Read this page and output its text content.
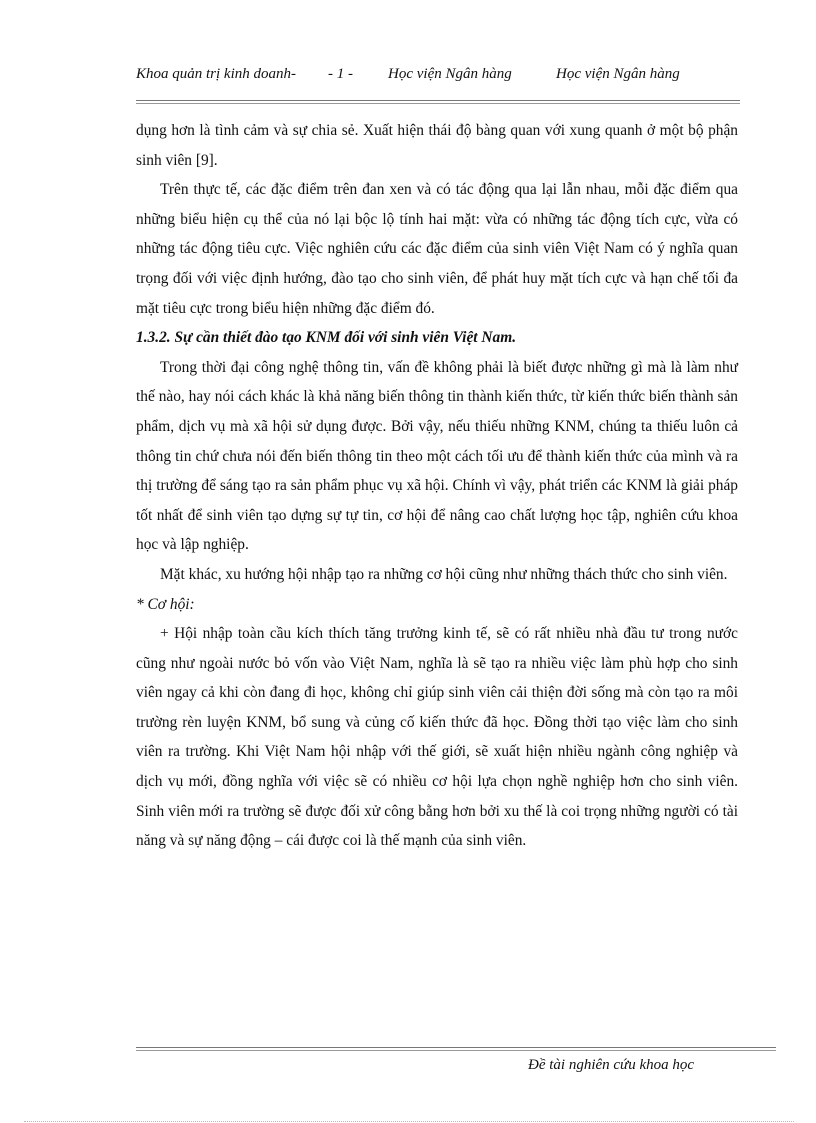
Khoa quản trị kinh doanh- - 1 - Học viện Ngân hàng	Học viện Ngân hàng

dụng hơn là tình cảm và sự chia sẻ. Xuất hiện thái độ bàng quan với xung quanh ở một bộ phận sinh viên [9].

Trên thực tế, các đặc điểm trên đan xen và có tác động qua lại lẫn nhau, mỗi đặc điểm qua những biểu hiện cụ thể của nó lại bộc lộ tính hai mặt: vừa có những tác động tích cực, vừa có những tác động tiêu cực. Việc nghiên cứu các đặc điểm của sinh viên Việt Nam có ý nghĩa quan trọng đối với việc định hướng, đào tạo cho sinh viên, để phát huy mặt tích cực và hạn chế tối đa mặt tiêu cực trong biểu hiện những đặc điểm đó.

1.3.2. Sự cần thiết đào tạo KNM đối với sinh viên Việt Nam.

Trong thời đại công nghệ thông tin, vấn đề không phải là biết được những gì mà là làm như thế nào, hay nói cách khác là khả năng biến thông tin thành kiến thức, từ kiến thức biến thành sản phẩm, dịch vụ mà xã hội sử dụng được. Bởi vậy, nếu thiếu những KNM, chúng ta thiếu luôn cả thông tin chứ chưa nói đến biến thông tin theo một cách tối ưu để thành kiến thức của mình và ra thị trường để sáng tạo ra sản phẩm phục vụ xã hội. Chính vì vậy, phát triển các KNM là giải pháp tốt nhất để sinh viên tạo dựng sự tự tin, cơ hội để nâng cao chất lượng học tập, nghiên cứu khoa học và lập nghiệp.

Mặt khác, xu hướng hội nhập tạo ra những cơ hội cũng như những thách thức cho sinh viên.

* Cơ hội:

+ Hội nhập toàn cầu kích thích tăng trưởng kinh tế, sẽ có rất nhiều nhà đầu tư trong nước cũng như ngoài nước bỏ vốn vào Việt Nam, nghĩa là sẽ tạo ra nhiều việc làm phù hợp cho sinh viên ngay cả khi còn đang đi học, không chỉ giúp sinh viên cải thiện đời sống mà còn tạo ra môi trường rèn luyện KNM, bổ sung và củng cố kiến thức đã học. Đồng thời tạo việc làm cho sinh viên ra trường. Khi Việt Nam hội nhập với thế giới, sẽ xuất hiện nhiều ngành công nghiệp và dịch vụ mới, đồng nghĩa với việc sẽ có nhiều cơ hội lựa chọn nghề nghiệp hơn cho sinh viên. Sinh viên mới ra trường sẽ được đối xử công bằng hơn bởi xu thế là coi trọng những người có tài năng và sự năng động – cái được coi là thế mạnh của sinh viên.

Đề tài nghiên cứu khoa học
